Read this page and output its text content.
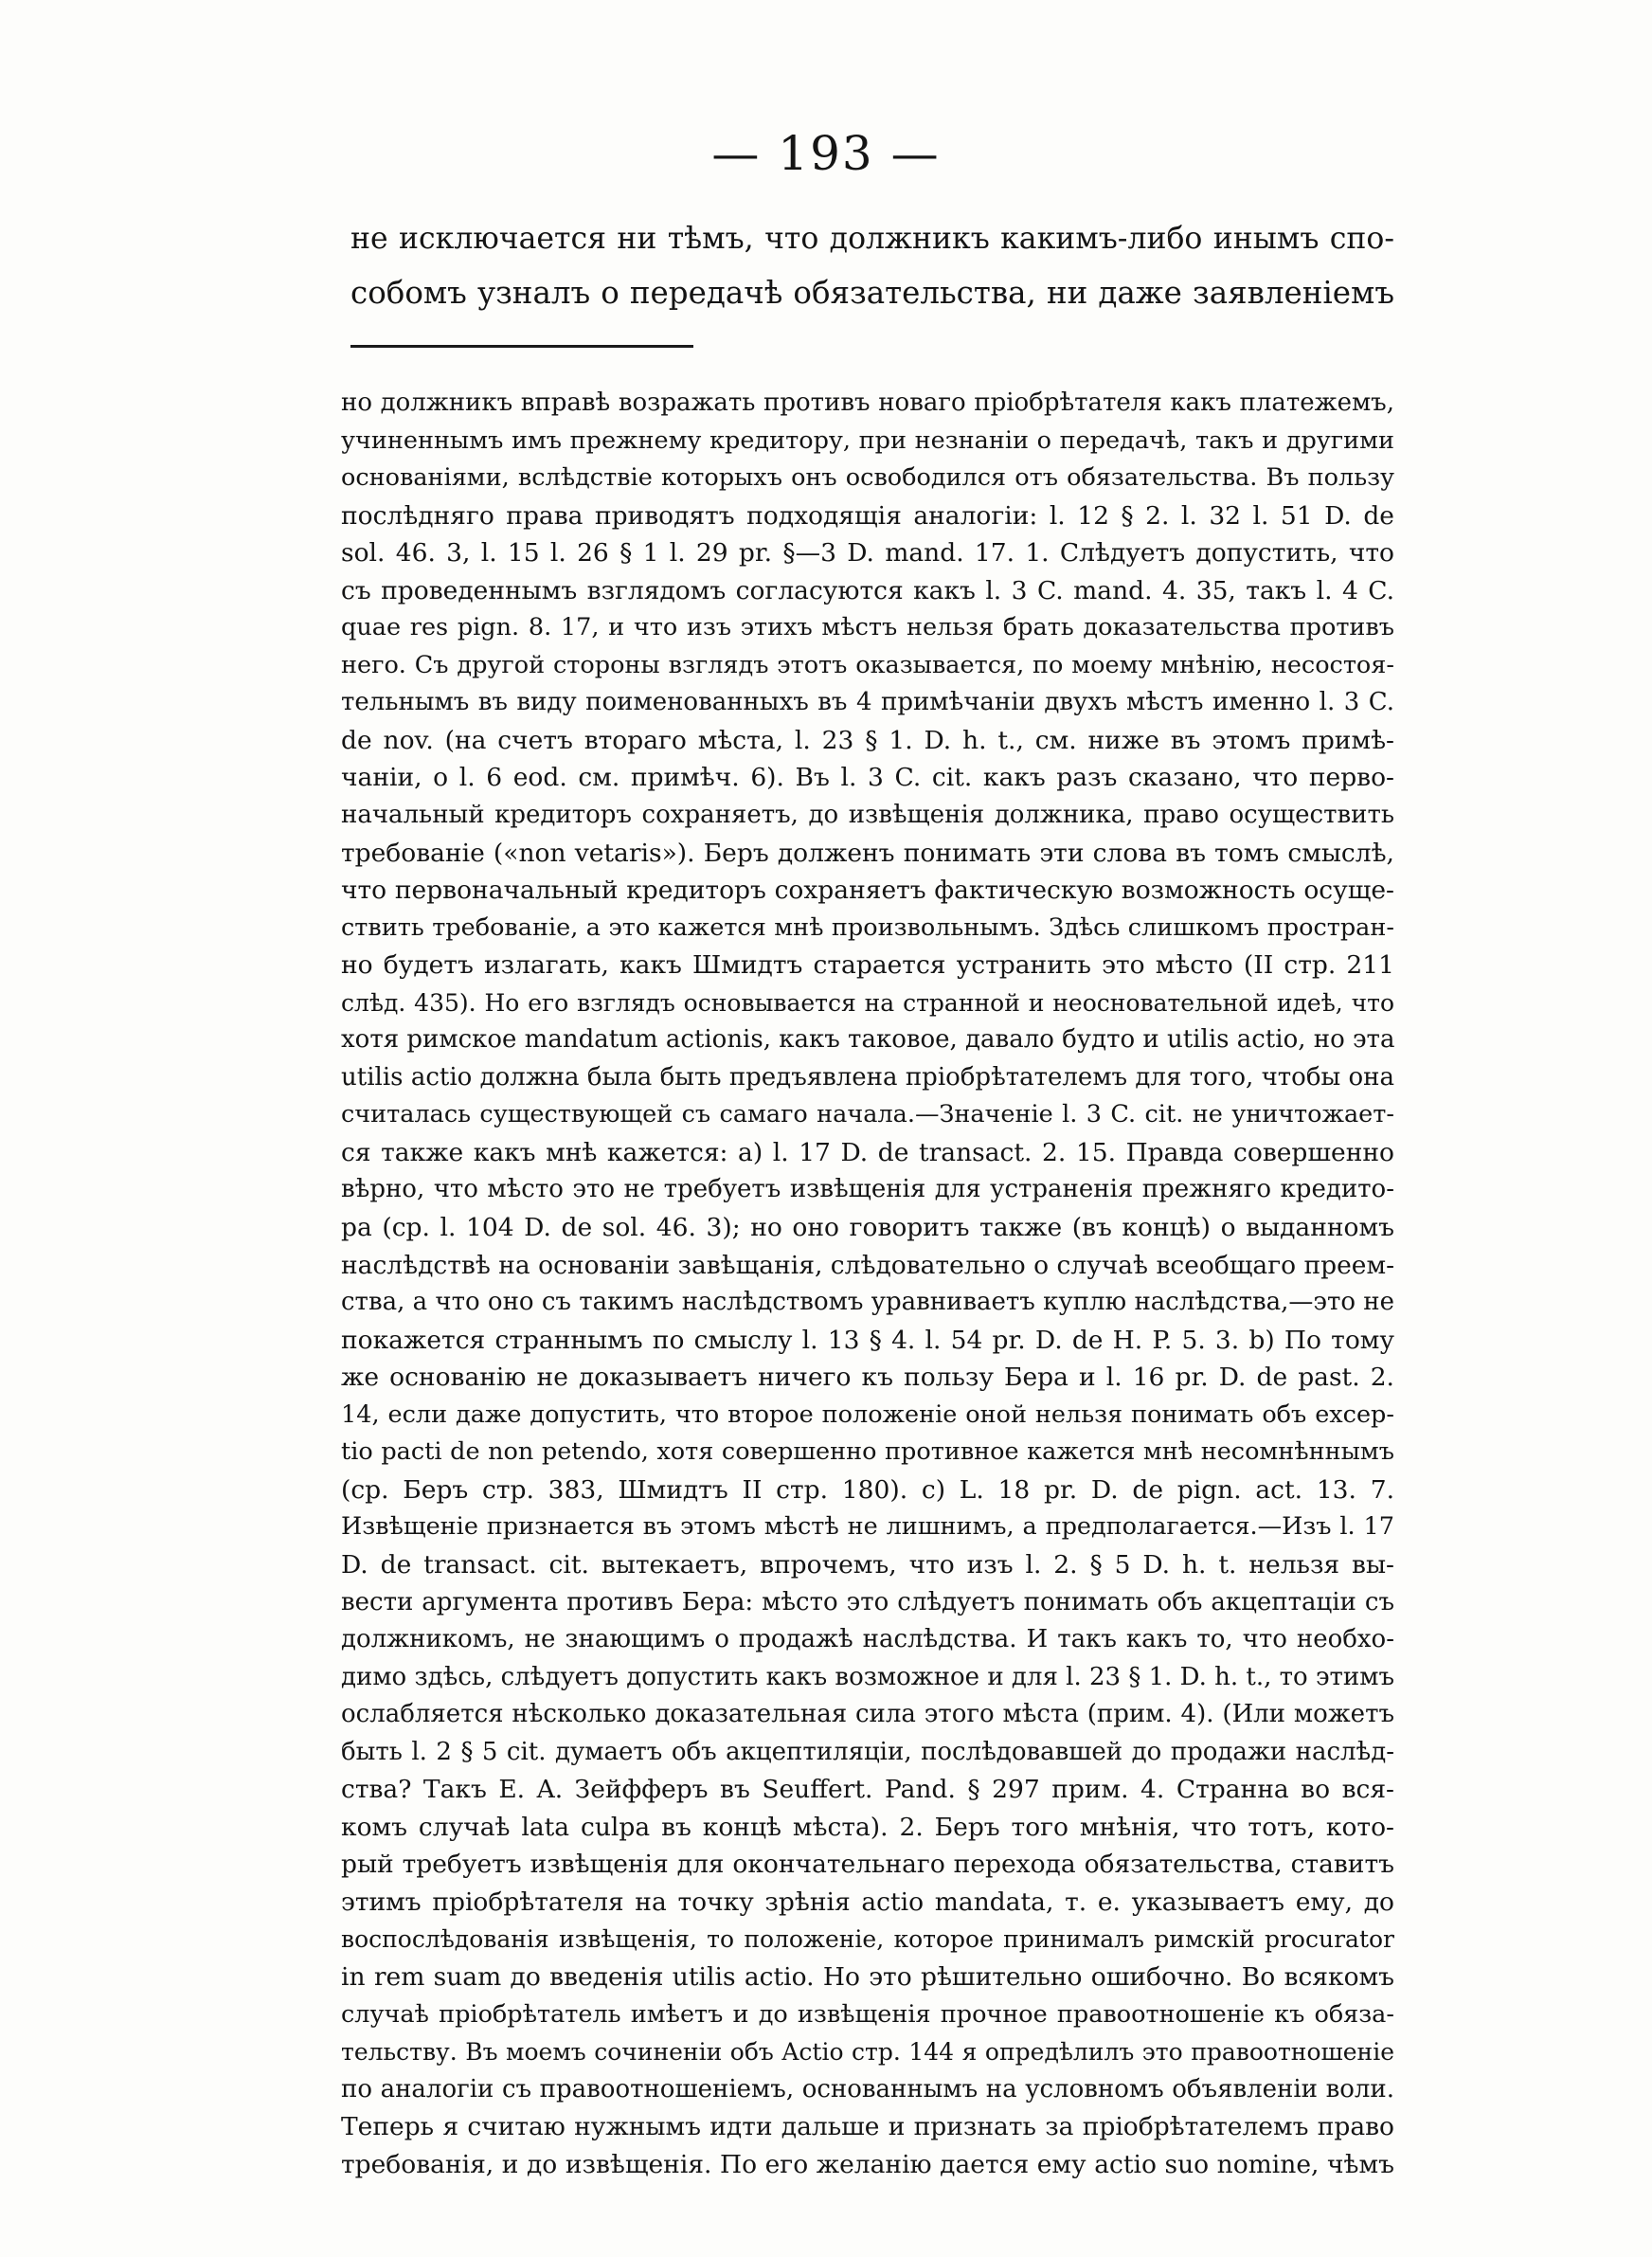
— 193 —
не исключается ни тѣмъ, что должникъ какимъ-либо инымъ спо-
собомъ узналъ о передачѣ обязательства, ни даже заявленіемъ
но должникъ вправѣ возражать противъ новаго пріобрѣтателя какъ платежемъ,
учиненнымъ имъ прежнему кредитору, при незнаніи о передачѣ, такъ и другими
основаніями, вслѣдствіе которыхъ онъ освободился отъ обязательства. Въ пользу
послѣдняго права приводятъ подходящія аналогіи: l. 12 § 2. l. 32 l. 51 D. de
sol. 46. 3, l. 15 l. 26 § 1 l. 29 pr. §—3 D. mand. 17. 1. Слѣдуетъ допустить, что
съ проведеннымъ взглядомъ согласуются какъ l. 3 C. mand. 4. 35, такъ l. 4 C.
quae res pign. 8. 17, и что изъ этихъ мѣстъ нельзя брать доказательства противъ
него. Съ другой стороны взглядъ этотъ оказывается, по моему мнѣнію, несостоя-
тельнымъ въ виду поименованныхъ въ 4 примѣчаніи двухъ мѣстъ именно l. 3 C.
de nov. (на счетъ втораго мѣста, l. 23 § 1. D. h. t., см. ниже въ этомъ примѣ-
чаніи, о l. 6 eod. см. примѣч. 6). Въ l. 3 C. cit. какъ разъ сказано, что перво-
начальный кредиторъ сохраняетъ, до извѣщенія должника, право осуществить
требованіе («non vetaris»). Беръ долженъ понимать эти слова въ томъ смыслѣ,
что первоначальный кредиторъ сохраняетъ фактическую возможность осуще-
ствить требованіе, а это кажется мнѣ произвольнымъ. Здѣсь слишкомъ простран-
но будетъ излагать, какъ Шмидтъ старается устранить это мѣсто (II стр. 211
слѣд. 435). Но его взглядъ основывается на странной и неосновательной идеѣ, что
хотя римское mandatum actionis, какъ таковое, давало будто и utilis actio, но эта
utilis actio должна была быть предъявлена пріобрѣтателемъ для того, чтобы она
считалась существующей съ самаго начала.—Значеніе l. 3 C. cit. не уничтожает-
ся также какъ мнѣ кажется: a) l. 17 D. de transact. 2. 15. Правда совершенно
вѣрно, что мѣсто это не требуетъ извѣщенія для устраненія прежняго кредито-
ра (ср. l. 104 D. de sol. 46. 3); но оно говоритъ также (въ концѣ) о выданномъ
наслѣдствѣ на основаніи завѣщанія, слѣдовательно о случаѣ всеобщаго преем-
ства, а что оно съ такимъ наслѣдствомъ уравниваетъ куплю наслѣдства,—это не
покажется страннымъ по смыслу l. 13 § 4. l. 54 pr. D. de H. P. 5. 3. b) По тому
же основанію не доказываетъ ничего къ пользу Бера и l. 16 pr. D. de past. 2.
14, если даже допустить, что второе положеніе оной нельзя понимать объ excep-
tio pacti de non petendo, хотя совершенно противное кажется мнѣ несомнѣннымъ
(ср. Беръ стр. 383, Шмидтъ II стр. 180). c) L. 18 pr. D. de pign. act. 13. 7.
Извѣщеніе признается въ этомъ мѣстѣ не лишнимъ, а предполагается.—Изъ l. 17
D. de transact. cit. вытекаетъ, впрочемъ, что изъ l. 2. § 5 D. h. t. нельзя вы-
вести аргумента противъ Бера: мѣсто это слѣдуетъ понимать объ акцептаціи съ
должникомъ, не знающимъ о продажѣ наслѣдства. И такъ какъ то, что необхо-
димо здѣсь, слѣдуетъ допустить какъ возможное и для l. 23 § 1. D. h. t., то этимъ
ослабляется нѣсколько доказательная сила этого мѣста (прим. 4). (Или можетъ
быть l. 2 § 5 cit. думаетъ объ акцептиляціи, послѣдовавшей до продажи наслѣд-
ства? Такъ E. A. Зейфферъ въ Seuffert. Pand. § 297 прим. 4. Странна во вся-
комъ случаѣ lata culpa въ концѣ мѣста). 2. Беръ того мнѣнія, что тотъ, кото-
рый требуетъ извѣщенія для окончательнаго перехода обязательства, ставитъ
этимъ пріобрѣтателя на точку зрѣнія actio mandata, т. е. указываетъ ему, до
воспослѣдованія извѣщенія, то положеніе, которое принималъ римскій procurator
in rem suam до введенія utilis actio. Но это рѣшительно ошибочно. Во всякомъ
случаѣ пріобрѣтатель имѣетъ и до извѣщенія прочное правоотношеніе къ обяза-
тельству. Въ моемъ сочиненіи объ Actio стр. 144 я опредѣлилъ это правоотношеніе
по аналогіи съ правоотношеніемъ, основаннымъ на условномъ объявленіи воли.
Теперь я считаю нужнымъ идти дальше и признать за пріобрѣтателемъ право
требованія, и до извѣщенія. По его желанію дается ему actio suo nomine, чѣмъ
